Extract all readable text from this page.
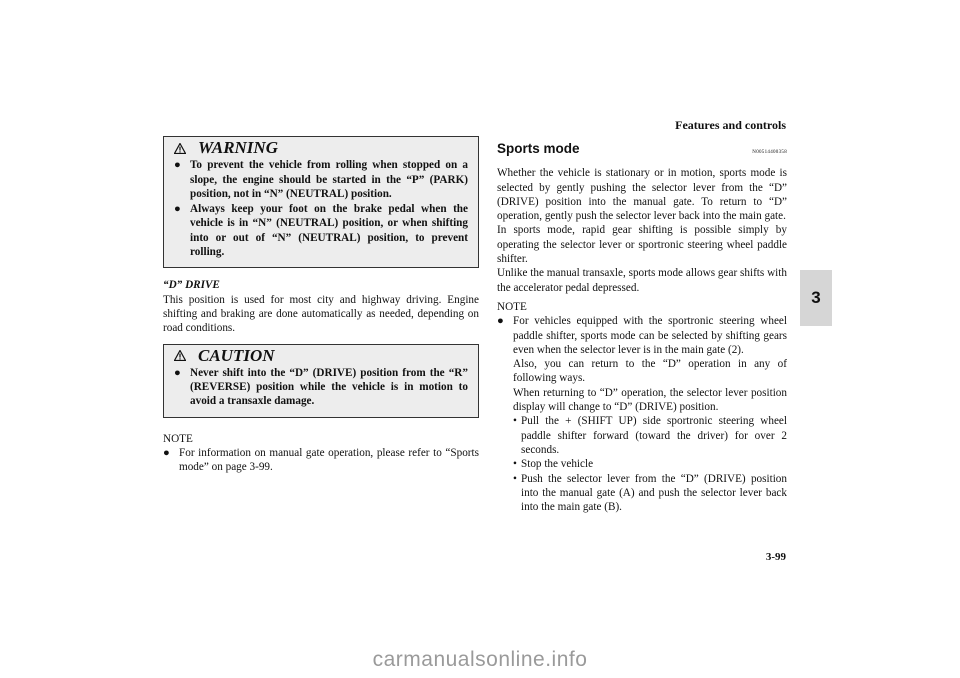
Features and controls
3
WARNING
● To prevent the vehicle from rolling when stopped on a slope, the engine should be started in the “P” (PARK) position, not in “N” (NEUTRAL) position.
● Always keep your foot on the brake pedal when the vehicle is in “N” (NEUTRAL) position, or when shifting into or out of “N” (NEUTRAL) position, to prevent rolling.
“D” DRIVE

This position is used for most city and highway driving. Engine shifting and braking are done automatically as needed, depending on road conditions.

CAUTION
● Never shift into the “D” (DRIVE) position from the “R” (REVERSE) position while the vehicle is in motion to avoid a transaxle damage.
NOTE
● For information on manual gate operation, please refer to “Sports mode” on page 3-99.
Sports mode	N00514400358

Whether the vehicle is stationary or in motion, sports mode is selected by gently pushing the selector lever from the “D” (DRIVE) position into the manual gate. To return to “D” operation, gently push the selector lever back into the main gate.

In sports mode, rapid gear shifting is possible simply by operating the selector lever or sportronic steering wheel paddle shifter.

Unlike the manual transaxle, sports mode allows gear shifts with the accelerator pedal depressed.

NOTE
● For vehicles equipped with the sportronic steering wheel paddle shifter, sports mode can be selected by shifting gears even when the selector lever is in the main gate (2).

Also, you can return to the “D” operation in any of following ways.

When returning to “D” operation, the selector lever position display will change to “D” (DRIVE) position.

• Pull the + (SHIFT UP) side sportronic steering wheel paddle shifter forward (toward the driver) for over 2 seconds.
• Stop the vehicle
• Push the selector lever from the “D” (DRIVE) position into the manual gate (A) and push the selector lever back into the main gate (B).
3-99
carmanualsonline.info
